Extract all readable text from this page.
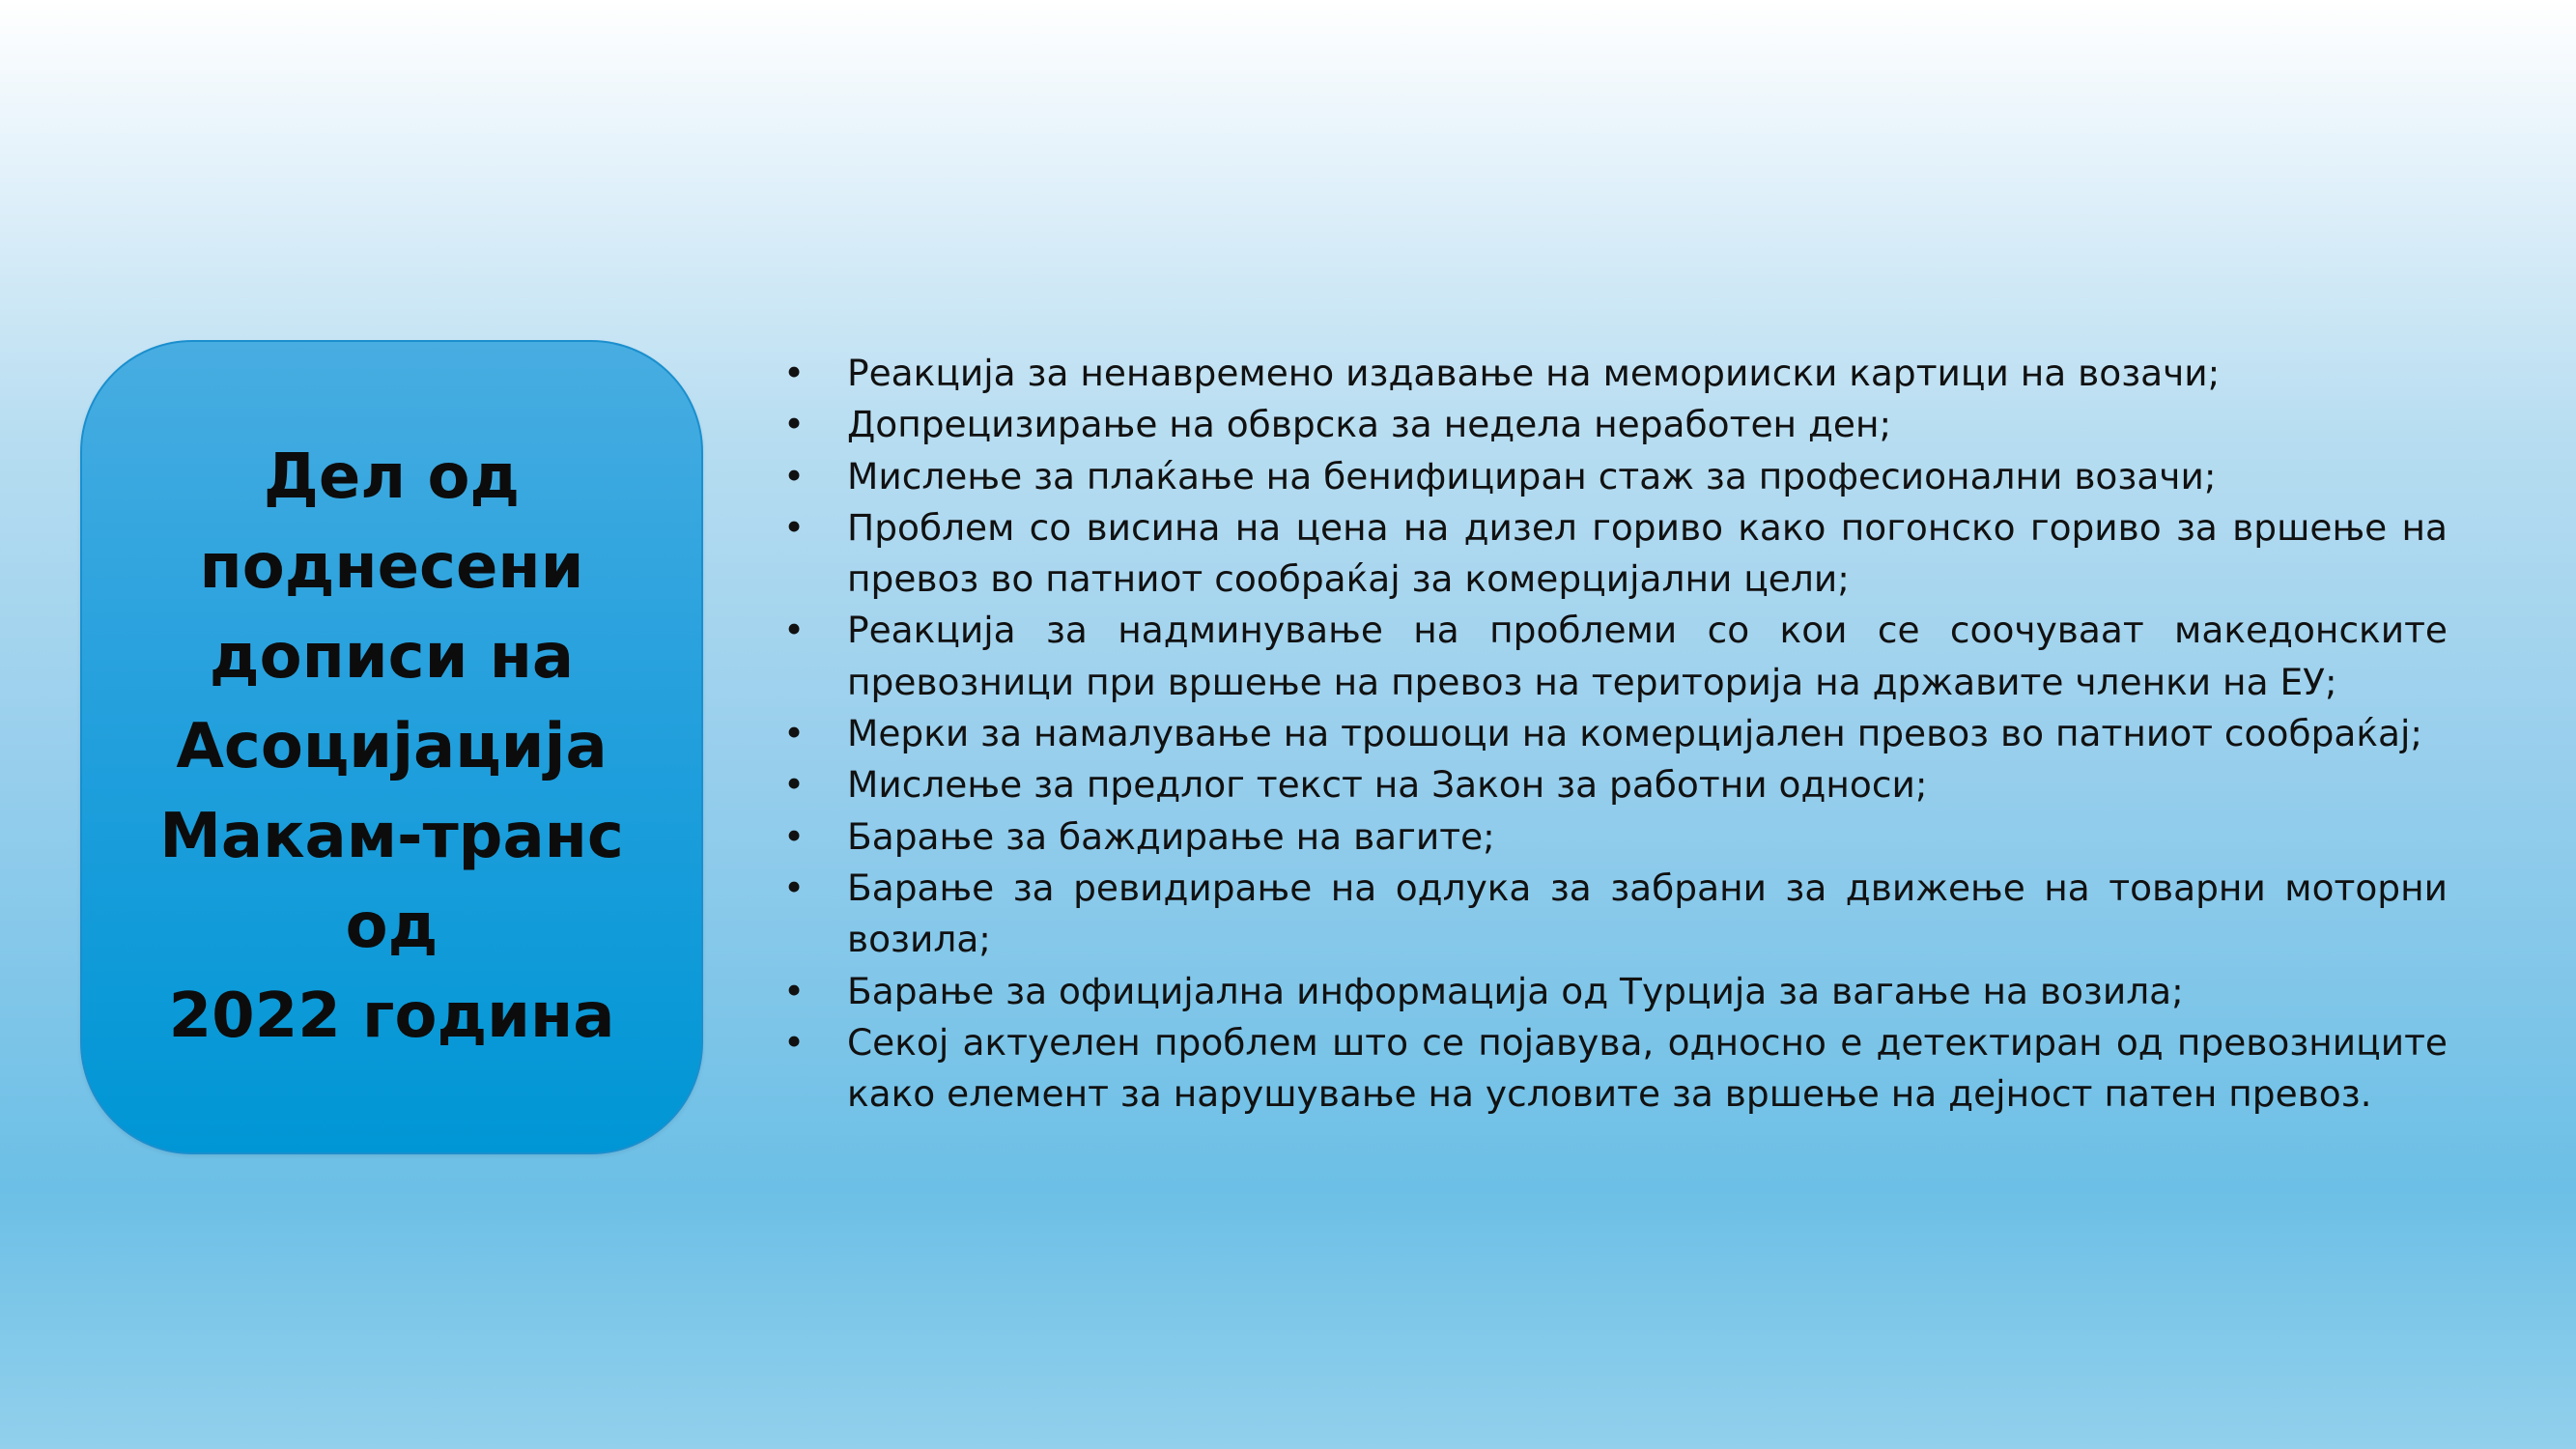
Дел од
поднесени
дописи на
Асоцијација
Макам-транс
од
2022 година
• Реакција за ненавремено издавање на меморииски картици на возачи;
• Допрецизирање на обврска за недела неработен ден;
• Мислење за плаќање на бенифициран стаж за професионални возачи;
• Проблем со висина на цена на дизел гориво како погонско гориво за вршење на превоз во патниот сообраќај за комерцијални цели;
• Реакција за надминување на проблеми со кои се соочуваат македонските превозници при вршење на превоз на територија на државите членки на ЕУ;
• Мерки за намалување на трошоци на комерцијален превоз во патниот сообраќај;
• Мислење за предлог текст на Закон за работни односи;
• Барање за баждирање на вагите;
• Барање за ревидирање на одлука за забрани за движење на товарни моторни возила;
• Барање за официјална информација од Турција за вагање на возила;
• Секој актуелен проблем што се појавува, односно е детектиран од превозниците како елемент за нарушување на условите за вршење на дејност патен превоз.
